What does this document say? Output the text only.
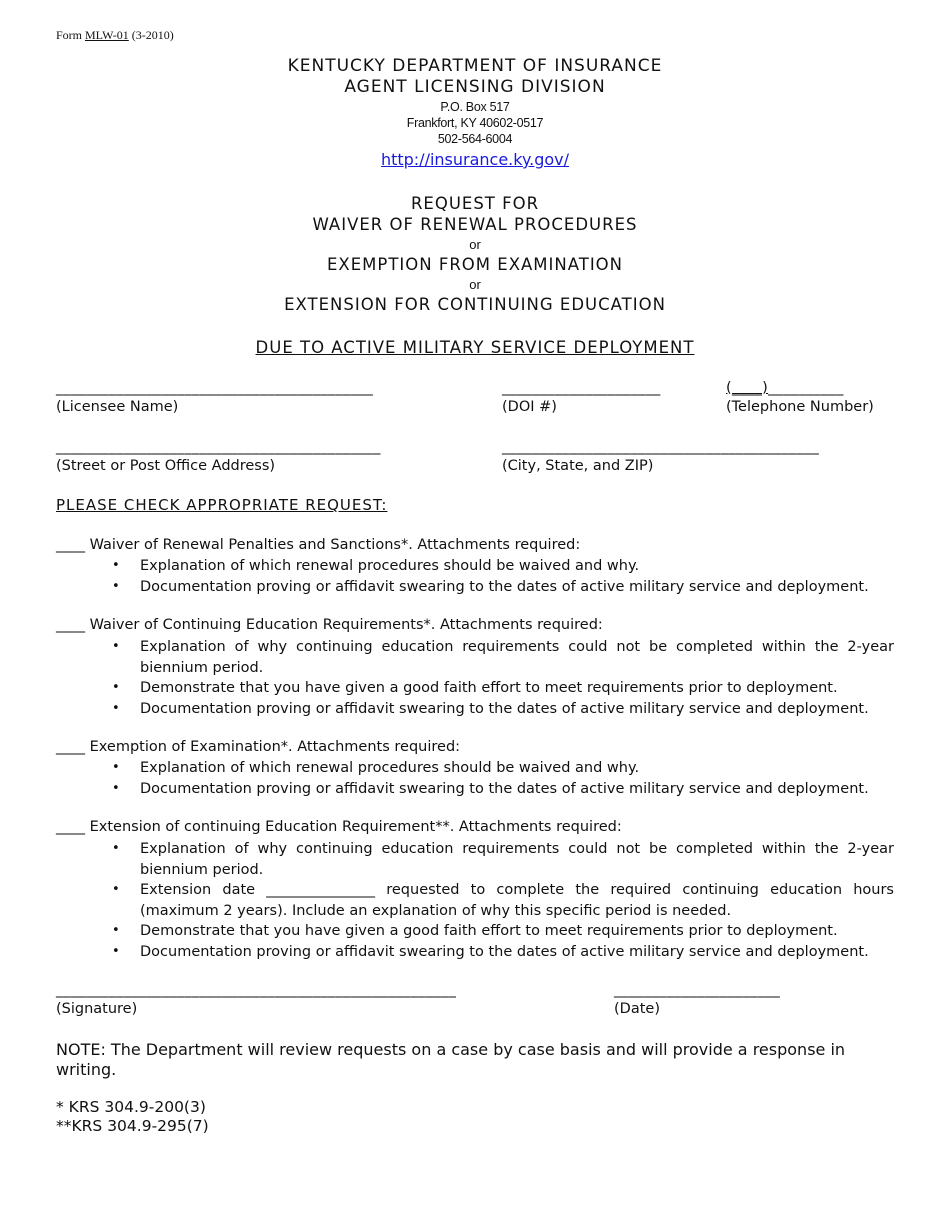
Form MLW-01 (3-2010)
KENTUCKY DEPARTMENT OF INSURANCE
AGENT LICENSING DIVISION
P.O. Box 517
Frankfort, KY 40602-0517
502-564-6004
http://insurance.ky.gov/
REQUEST FOR
WAIVER OF RENEWAL PROCEDURES
or
EXEMPTION FROM EXAMINATION
or
EXTENSION FOR CONTINUING EDUCATION
DUE TO ACTIVE MILITARY SERVICE DEPLOYMENT
__________________________________________
(Licensee Name)
_____________________
(DOI #)
(____)__________
(Telephone Number)
___________________________________________
(Street or Post Office Address)
__________________________________________
(City, State, and ZIP)
PLEASE CHECK APPROPRIATE REQUEST:
____ Waiver of Renewal Penalties and Sanctions*. Attachments required:
• Explanation of which renewal procedures should be waived and why.
• Documentation proving or affidavit swearing to the dates of active military service and deployment.
____ Waiver of Continuing Education Requirements*. Attachments required:
• Explanation of why continuing education requirements could not be completed within the 2-year biennium period.
• Demonstrate that you have given a good faith effort to meet requirements prior to deployment.
• Documentation proving or affidavit swearing to the dates of active military service and deployment.
____ Exemption of Examination*. Attachments required:
• Explanation of which renewal procedures should be waived and why.
• Documentation proving or affidavit swearing to the dates of active military service and deployment.
____ Extension of continuing Education Requirement**. Attachments required:
• Explanation of why continuing education requirements could not be completed within the 2-year biennium period.
• Extension date _______________ requested to complete the required continuing education hours (maximum 2 years). Include an explanation of why this specific period is needed.
• Demonstrate that you have given a good faith effort to meet requirements prior to deployment.
• Documentation proving or affidavit swearing to the dates of active military service and deployment.
_____________________________________________________
(Signature)
______________________
(Date)
NOTE: The Department will review requests on a case by case basis and will provide a response in writing.
* KRS 304.9-200(3)
**KRS 304.9-295(7)
